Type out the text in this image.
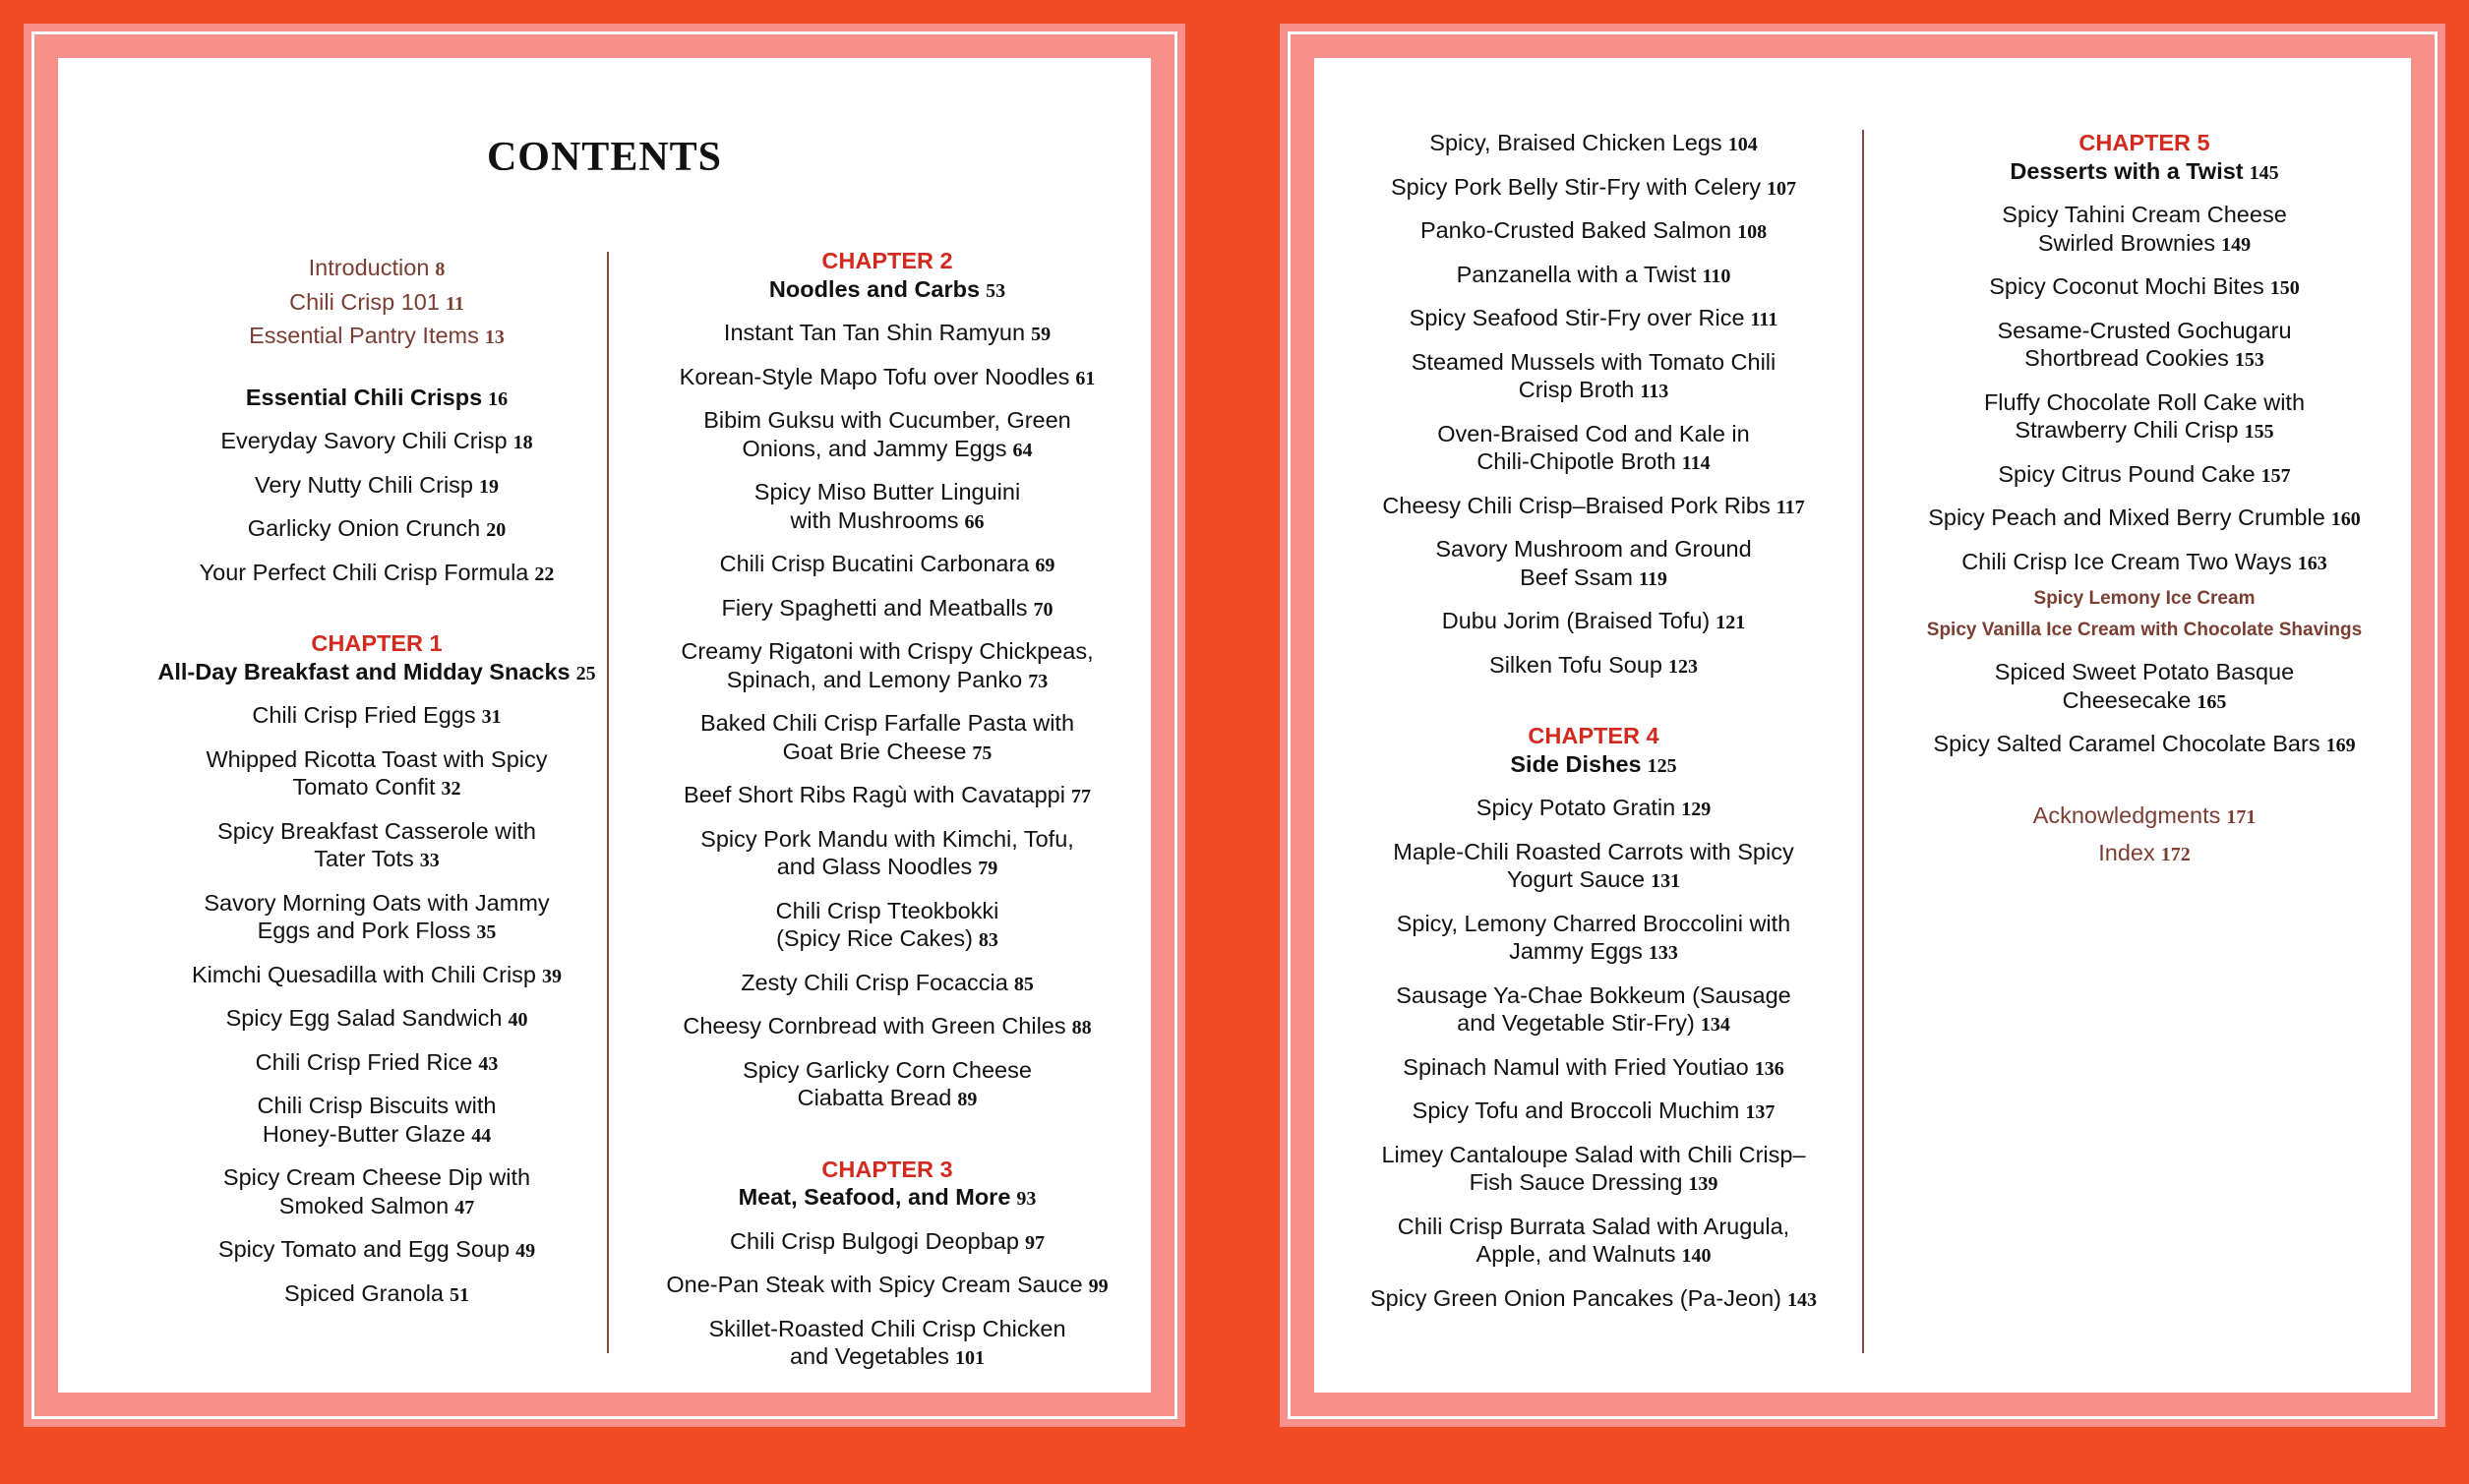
CONTENTS
Introduction 8
Chili Crisp 101 11
Essential Pantry Items 13
Essential Chili Crisps 16
Everyday Savory Chili Crisp 18
Very Nutty Chili Crisp 19
Garlicky Onion Crunch 20
Your Perfect Chili Crisp Formula 22
CHAPTER 1
All-Day Breakfast and Midday Snacks 25
Chili Crisp Fried Eggs 31
Whipped Ricotta Toast with Spicy
Tomato Confit 32
Spicy Breakfast Casserole with
Tater Tots 33
Savory Morning Oats with Jammy
Eggs and Pork Floss 35
Kimchi Quesadilla with Chili Crisp 39
Spicy Egg Salad Sandwich 40
Chili Crisp Fried Rice 43
Chili Crisp Biscuits with
Honey-Butter Glaze 44
Spicy Cream Cheese Dip with
Smoked Salmon 47
Spicy Tomato and Egg Soup 49
Spiced Granola 51
CHAPTER 2
Noodles and Carbs 53
Instant Tan Tan Shin Ramyun 59
Korean-Style Mapo Tofu over Noodles 61
Bibim Guksu with Cucumber, Green
Onions, and Jammy Eggs 64
Spicy Miso Butter Linguini
with Mushrooms 66
Chili Crisp Bucatini Carbonara 69
Fiery Spaghetti and Meatballs 70
Creamy Rigatoni with Crispy Chickpeas,
Spinach, and Lemony Panko 73
Baked Chili Crisp Farfalle Pasta with
Goat Brie Cheese 75
Beef Short Ribs Ragù with Cavatappi 77
Spicy Pork Mandu with Kimchi, Tofu,
and Glass Noodles 79
Chili Crisp Tteokbokki
(Spicy Rice Cakes) 83
Zesty Chili Crisp Focaccia 85
Cheesy Cornbread with Green Chiles 88
Spicy Garlicky Corn Cheese
Ciabatta Bread 89
CHAPTER 3
Meat, Seafood, and More 93
Chili Crisp Bulgogi Deopbap 97
One-Pan Steak with Spicy Cream Sauce 99
Skillet-Roasted Chili Crisp Chicken
and Vegetables 101
Spicy, Braised Chicken Legs 104
Spicy Pork Belly Stir-Fry with Celery 107
Panko-Crusted Baked Salmon 108
Panzanella with a Twist 110
Spicy Seafood Stir-Fry over Rice 111
Steamed Mussels with Tomato Chili
Crisp Broth 113
Oven-Braised Cod and Kale in
Chili-Chipotle Broth 114
Cheesy Chili Crisp–Braised Pork Ribs 117
Savory Mushroom and Ground
Beef Ssam 119
Dubu Jorim (Braised Tofu) 121
Silken Tofu Soup 123
CHAPTER 4
Side Dishes 125
Spicy Potato Gratin 129
Maple-Chili Roasted Carrots with Spicy
Yogurt Sauce 131
Spicy, Lemony Charred Broccolini with
Jammy Eggs 133
Sausage Ya-Chae Bokkeum (Sausage
and Vegetable Stir-Fry) 134
Spinach Namul with Fried Youtiao 136
Spicy Tofu and Broccoli Muchim 137
Limey Cantaloupe Salad with Chili Crisp–
Fish Sauce Dressing 139
Chili Crisp Burrata Salad with Arugula,
Apple, and Walnuts 140
Spicy Green Onion Pancakes (Pa-Jeon) 143
CHAPTER 5
Desserts with a Twist 145
Spicy Tahini Cream Cheese
Swirled Brownies 149
Spicy Coconut Mochi Bites 150
Sesame-Crusted Gochugaru
Shortbread Cookies 153
Fluffy Chocolate Roll Cake with
Strawberry Chili Crisp 155
Spicy Citrus Pound Cake 157
Spicy Peach and Mixed Berry Crumble 160
Chili Crisp Ice Cream Two Ways 163
Spicy Lemony Ice Cream
Spicy Vanilla Ice Cream with Chocolate Shavings
Spiced Sweet Potato Basque
Cheesecake 165
Spicy Salted Caramel Chocolate Bars 169
Acknowledgments 171
Index 172
